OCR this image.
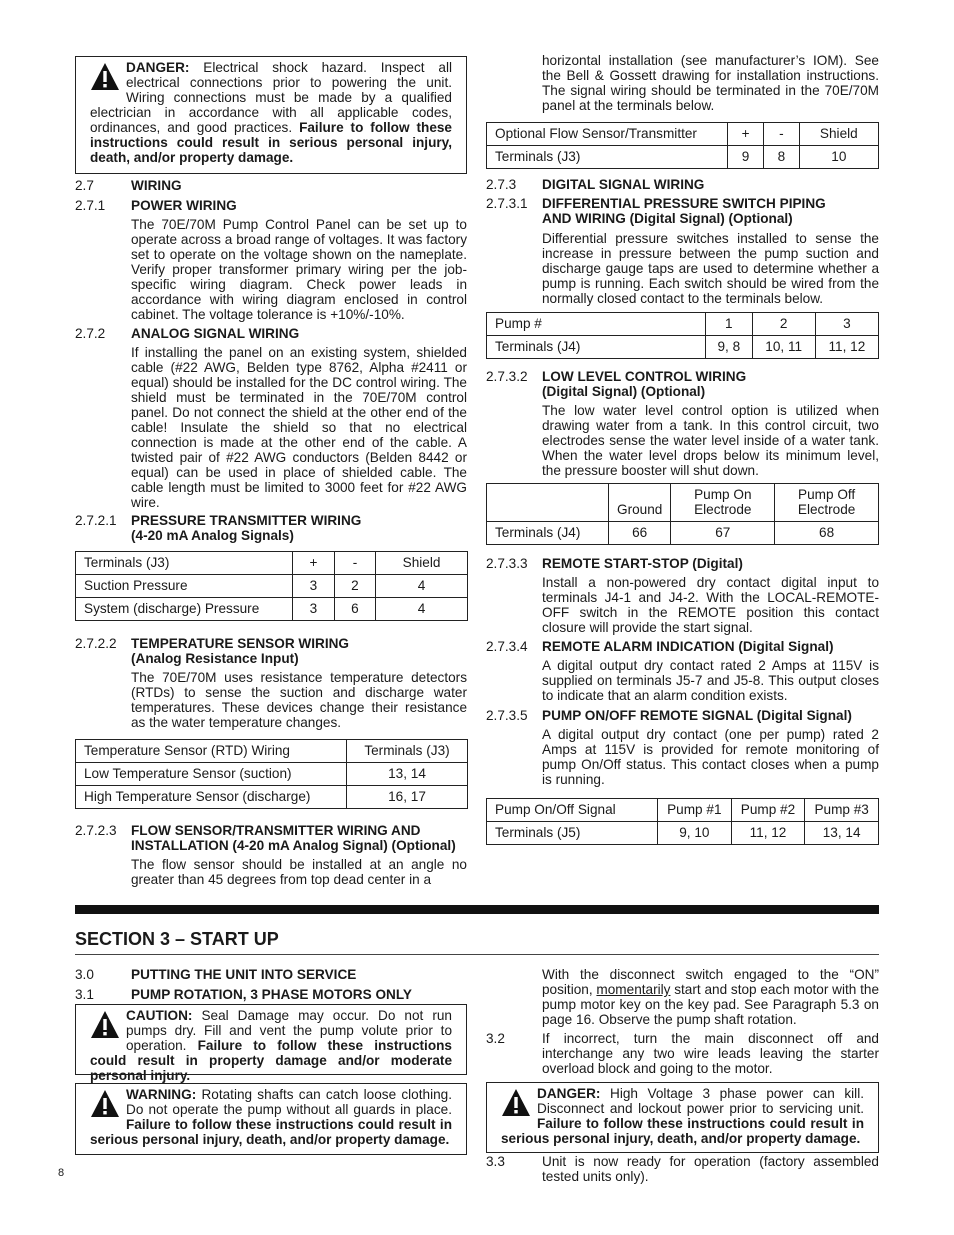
DANGER: Electrical shock hazard. Inspect all electrical connections prior to powering the unit. Wiring connections must be made by a qualified electrician in accordance with all applicable codes, ordinances, and good practices. Failure to follow these instructions could result in serious personal injury, death, and/or property damage.
2.7	WIRING
2.7.1 POWER WIRING

The 70E/70M Pump Control Panel can be set up to operate across a broad range of voltages. It was factory set to operate on the voltage shown on the nameplate. Verify proper transformer primary wiring per the job-specific wiring diagram. Check power leads in accordance with wiring diagram enclosed in control cabinet. The voltage tolerance is +10%/-10%.

2.7.2 ANALOG SIGNAL WIRING

If installing the panel on an existing system, shielded cable (#22 AWG, Belden type 8762, Alpha #2411 or equal) should be installed for the DC control wiring. The shield must be terminated in the 70E/70M control panel. Do not connect the shield at the other end of the cable! Insulate the shield so that no electrical connection is made at the other end of the cable. A twisted pair of #22 AWG conductors (Belden 8442 or equal) can be used in place of shielded cable. The cable length must be limited to 3000 feet for #22 AWG wire.

2.7.2.1 PRESSURE TRANSMITTER WIRING
(4-20 mA Analog Signals)
Terminals (J3)	+	-	Shield
Suction Pressure	3	2	4
System (discharge) Pressure	3	6	4
2.7.2.2 TEMPERATURE SENSOR WIRING
(Analog Resistance Input)

The 70E/70M uses resistance temperature detectors (RTDs) to sense the suction and discharge water temperatures. These devices change their resistance as the water temperature changes.

Temperature Sensor (RTD) Wiring	Terminals (J3)
Low Temperature Sensor (suction)	13, 14
High Temperature Sensor (discharge)	16, 17
2.7.2.3 FLOW SENSOR/TRANSMITTER WIRING AND
INSTALLATION (4-20 mA Analog Signal) (Optional)

The flow sensor should be installed at an angle no greater than 45 degrees from top dead center in a

horizontal installation (see manufacturer’s IOM). See the Bell & Gossett drawing for installation instructions. The signal wiring should be terminated in the 70E/70M panel at the terminals below.

Optional Flow Sensor/Transmitter	+	-	Shield
Terminals (J3)	9	8	10
2.7.3 DIGITAL SIGNAL WIRING
2.7.3.1 DIFFERENTIAL PRESSURE SWITCH PIPING
AND WIRING (Digital Signal) (Optional)

Differential pressure switches installed to sense the increase in pressure between the pump suction and discharge gauge taps are used to determine whether a pump is running. Each switch should be wired from the normally closed contact to the terminals below.

Pump #	1	2	3
Terminals (J4)	9, 8	10, 11	11, 12
2.7.3.2 LOW LEVEL CONTROL WIRING
(Digital Signal) (Optional)

The low water level control option is utilized when drawing water from a tank. In this control circuit, two electrodes sense the water level inside of a water tank. When the water level drops below its minimum level, the pressure booster will shut down.

	Ground	Pump On Electrode	Pump Off Electrode
Terminals (J4)	66	67	68
2.7.3.3 REMOTE START-STOP (Digital)

Install a non-powered dry contact digital input to terminals J4-1 and J4-2. With the LOCAL-REMOTE-OFF switch in the REMOTE position this contact closure will provide the start signal.

2.7.3.4 REMOTE ALARM INDICATION (Digital Signal)

A digital output dry contact rated 2 Amps at 115V is supplied on terminals J5-7 and J5-8. This output closes to indicate that an alarm condition exists.

2.7.3.5 PUMP ON/OFF REMOTE SIGNAL (Digital Signal)

A digital output dry contact (one per pump) rated 2 Amps at 115V is provided for remote monitoring of pump On/Off status. This contact closes when a pump is running.

Pump On/Off Signal	Pump #1	Pump #2	Pump #3
Terminals (J5)	9, 10	11, 12	13, 14
SECTION 3 – START UP
3.0	PUTTING THE UNIT INTO SERVICE
3.1	PUMP ROTATION, 3 PHASE MOTORS ONLY
CAUTION: Seal Damage may occur. Do not run pumps dry. Fill and vent the pump volute prior to operation. Failure to follow these instructions could result in property damage and/or moderate personal injury.
WARNING: Rotating shafts can catch loose clothing. Do not operate the pump without all guards in place. Failure to follow these instructions could result in serious personal injury, death, and/or property damage.

With the disconnect switch engaged to the “ON” position, momentarily start and stop each motor with the pump motor key on the key pad. See Paragraph 5.3 on page 16. Observe the pump shaft rotation.

3.2	If incorrect, turn the main disconnect off and interchange any two wire leads leaving the starter overload block and going to the motor.

DANGER: High Voltage 3 phase power can kill. Disconnect and lockout power prior to servicing unit. Failure to follow these instructions could result in serious personal injury, death, and/or property damage.
3.3	Unit is now ready for operation (factory assembled tested units only).

8
